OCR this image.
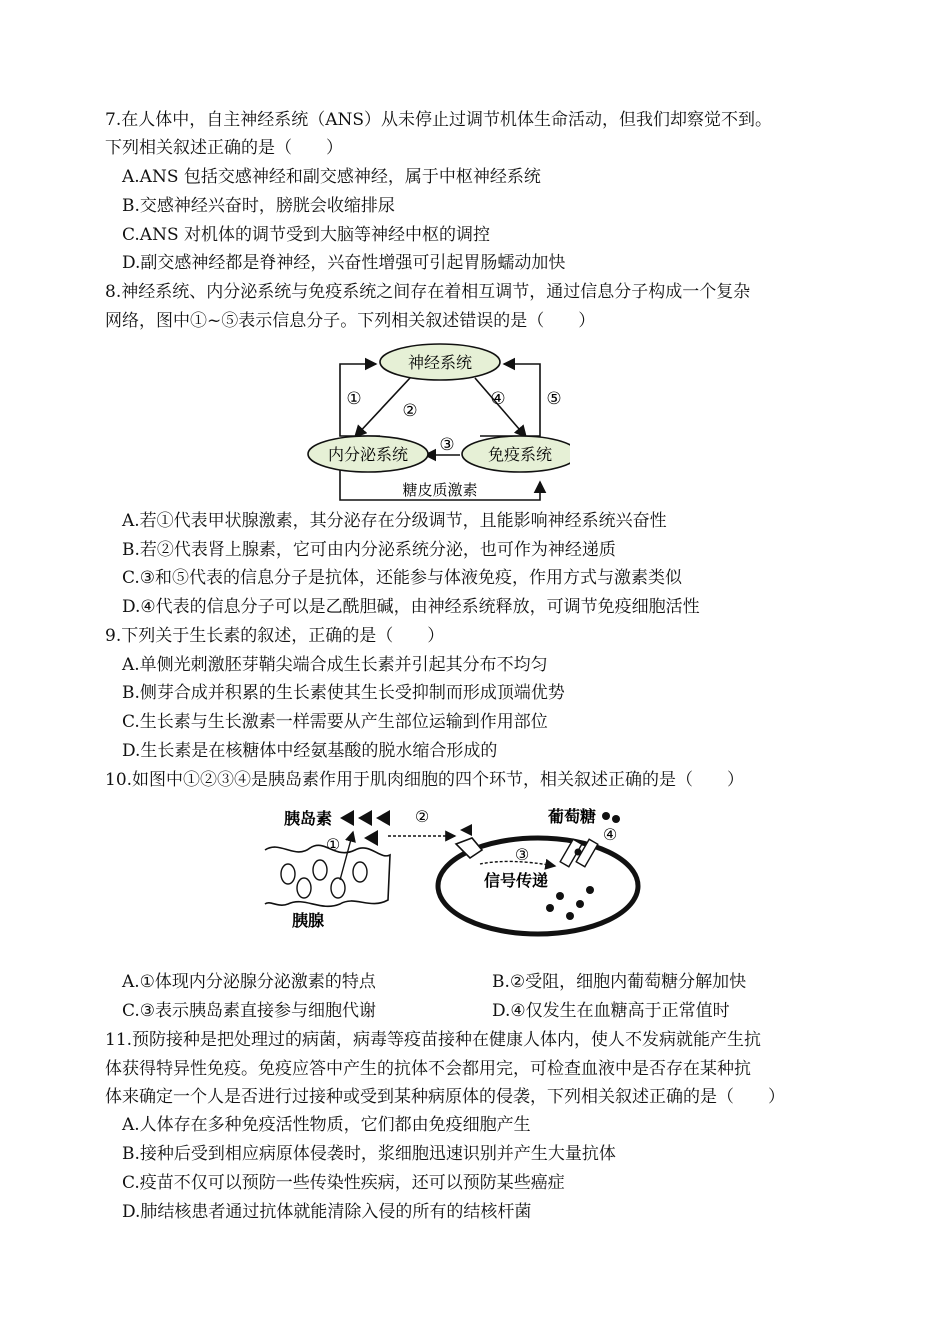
7.在人体中，自主神经系统（ANS）从未停止过调节机体生命活动，但我们却察觉不到。
下列相关叙述正确的是（　　）
A.ANS 包括交感神经和副交感神经，属于中枢神经系统
B.交感神经兴奋时，膀胱会收缩排尿
C.ANS 对机体的调节受到大脑等神经中枢的调控
D.副交感神经都是脊神经，兴奋性增强可引起胃肠蠕动加快
8.神经系统、内分泌系统与免疫系统之间存在着相互调节，通过信息分子构成一个复杂
网络，图中①~⑤表示信息分子。下列相关叙述错误的是（　　）
神经系统
内分泌系统	免疫系统
①
②
③
④ ⑤
糖皮质激素
A.若①代表甲状腺激素，其分泌存在分级调节，且能影响神经系统兴奋性
B.若②代表肾上腺素，它可由内分泌系统分泌，也可作为神经递质
C.③和⑤代表的信息分子是抗体，还能参与体液免疫，作用方式与激素类似
D.④代表的信息分子可以是乙酰胆碱，由神经系统释放，可调节免疫细胞活性
9.下列关于生长素的叙述，正确的是（　　）
A.单侧光刺激胚芽鞘尖端合成生长素并引起其分布不均匀
B.侧芽合成并积累的生长素使其生长受抑制而形成顶端优势
C.生长素与生长激素一样需要从产生部位运输到作用部位
D.生长素是在核糖体中经氨基酸的脱水缩合形成的
10.如图中①②③④是胰岛素作用于肌肉细胞的四个环节，相关叙述正确的是（　　）
胰腺
胰岛素
①
②
③
信号传递
葡萄糖
④
A.①体现内分泌腺分泌激素的特点	B.②受阻，细胞内葡萄糖分解加快
C.③表示胰岛素直接参与细胞代谢	D.④仅发生在血糖高于正常值时
11.预防接种是把处理过的病菌，病毒等疫苗接种在健康人体内，使人不发病就能产生抗
体获得特异性免疫。免疫应答中产生的抗体不会都用完，可检查血液中是否存在某种抗
体来确定一个人是否进行过接种或受到某种病原体的侵袭，下列相关叙述正确的是（　　）
A.人体存在多种免疫活性物质，它们都由免疫细胞产生
B.接种后受到相应病原体侵袭时，浆细胞迅速识别并产生大量抗体
C.疫苗不仅可以预防一些传染性疾病，还可以预防某些癌症
D.肺结核患者通过抗体就能清除入侵的所有的结核杆菌
